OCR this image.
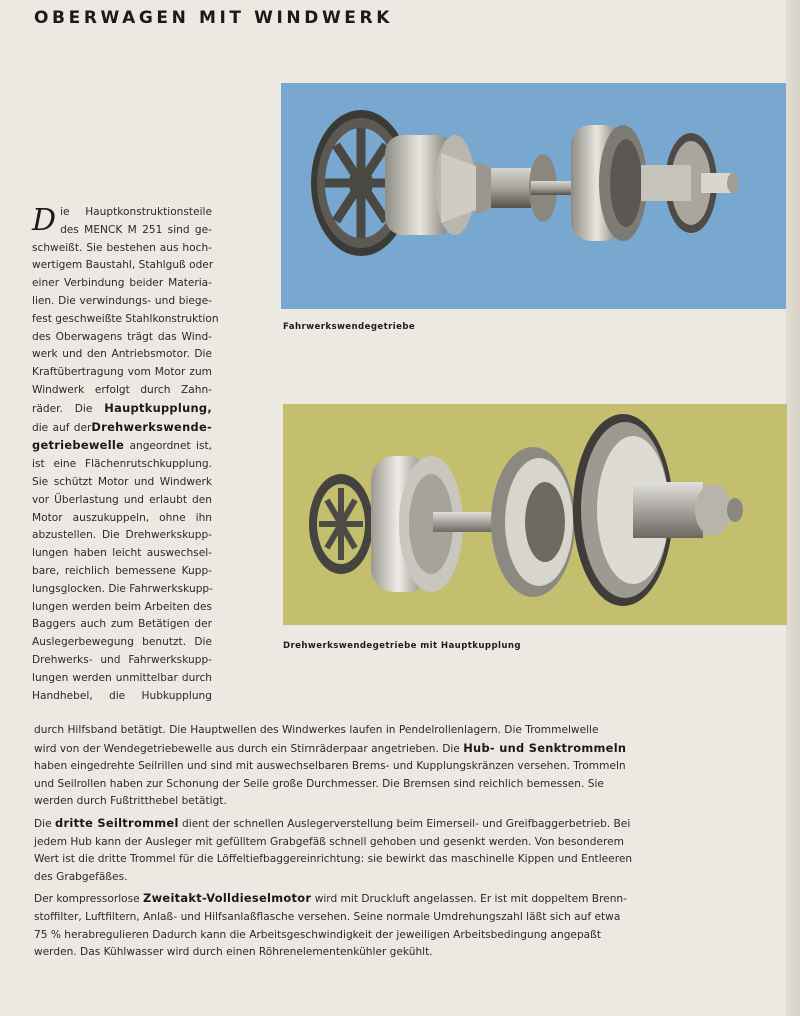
OBERWAGEN MIT WINDWERK
Fahrwerkswendegetriebe
Drehwerkswendegetriebe mit Hauptkupplung
D ie Hauptkonstruktionsteile
des MENCK M 251 sind ge-
schweißt. Sie bestehen aus hoch-
wertigem Baustahl, Stahlguß oder
einer Verbindung beider Materia-
lien. Die verwindungs- und biege-
fest geschweißte Stahlkonstruktion
des Oberwagens trägt das Wind-
werk und den Antriebsmotor. Die
Kraftübertragung vom Motor zum
Windwerk erfolgt durch Zahn-
räder. Die Hauptkupplung,
die auf derDrehwerkswende-
getriebewelle angeordnet ist,
ist eine Flächenrutschkupplung.
Sie schützt Motor und Windwerk
vor Überlastung und erlaubt den
Motor auszukuppeln, ohne ihn
abzustellen. Die Drehwerkskupp-
lungen haben leicht auswechsel-
bare, reichlich bemessene Kupp-
lungsglocken. Die Fahrwerkskupp-
lungen werden beim Arbeiten des
Baggers auch zum Betätigen der
Auslegerbewegung benutzt. Die
Drehwerks- und Fahrwerkskupp-
lungen werden unmittelbar durch
Handhebel, die Hubkupplung
durch Hilfsband betätigt. Die Hauptwellen des Windwerkes laufen in Pendelrollenlagern. Die Trommelwelle
wird von der Wendegetriebewelle aus durch ein Stirnräderpaar angetrieben. Die Hub- und Senktrommeln
haben eingedrehte Seilrillen und sind mit auswechselbaren Brems- und Kupplungskränzen versehen. Trommeln
und Seilrollen haben zur Schonung der Seile große Durchmesser. Die Bremsen sind reichlich bemessen. Sie
werden durch Fußtritthebel betätigt.
Die dritte Seiltrommel dient der schnellen Auslegerverstellung beim Eimerseil- und Greifbaggerbetrieb. Bei
jedem Hub kann der Ausleger mit gefülltem Grabgefäß schnell gehoben und gesenkt werden. Von besonderem
Wert ist die dritte Trommel für die Löffeltiefbaggereinrichtung: sie bewirkt das maschinelle Kippen und Entleeren
des Grabgefäßes.
Der kompressorlose Zweitakt-Volldieselmotor wird mit Druckluft angelassen. Er ist mit doppeltem Brenn-
stoffilter, Luftfiltern, Anlaß- und Hilfsanlaßflasche versehen. Seine normale Umdrehungszahl läßt sich auf etwa
75 % herabregulieren Dadurch kann die Arbeitsgeschwindigkeit der jeweiligen Arbeitsbedingung angepaßt
werden. Das Kühlwasser wird durch einen Röhrenelementenkühler gekühlt.
